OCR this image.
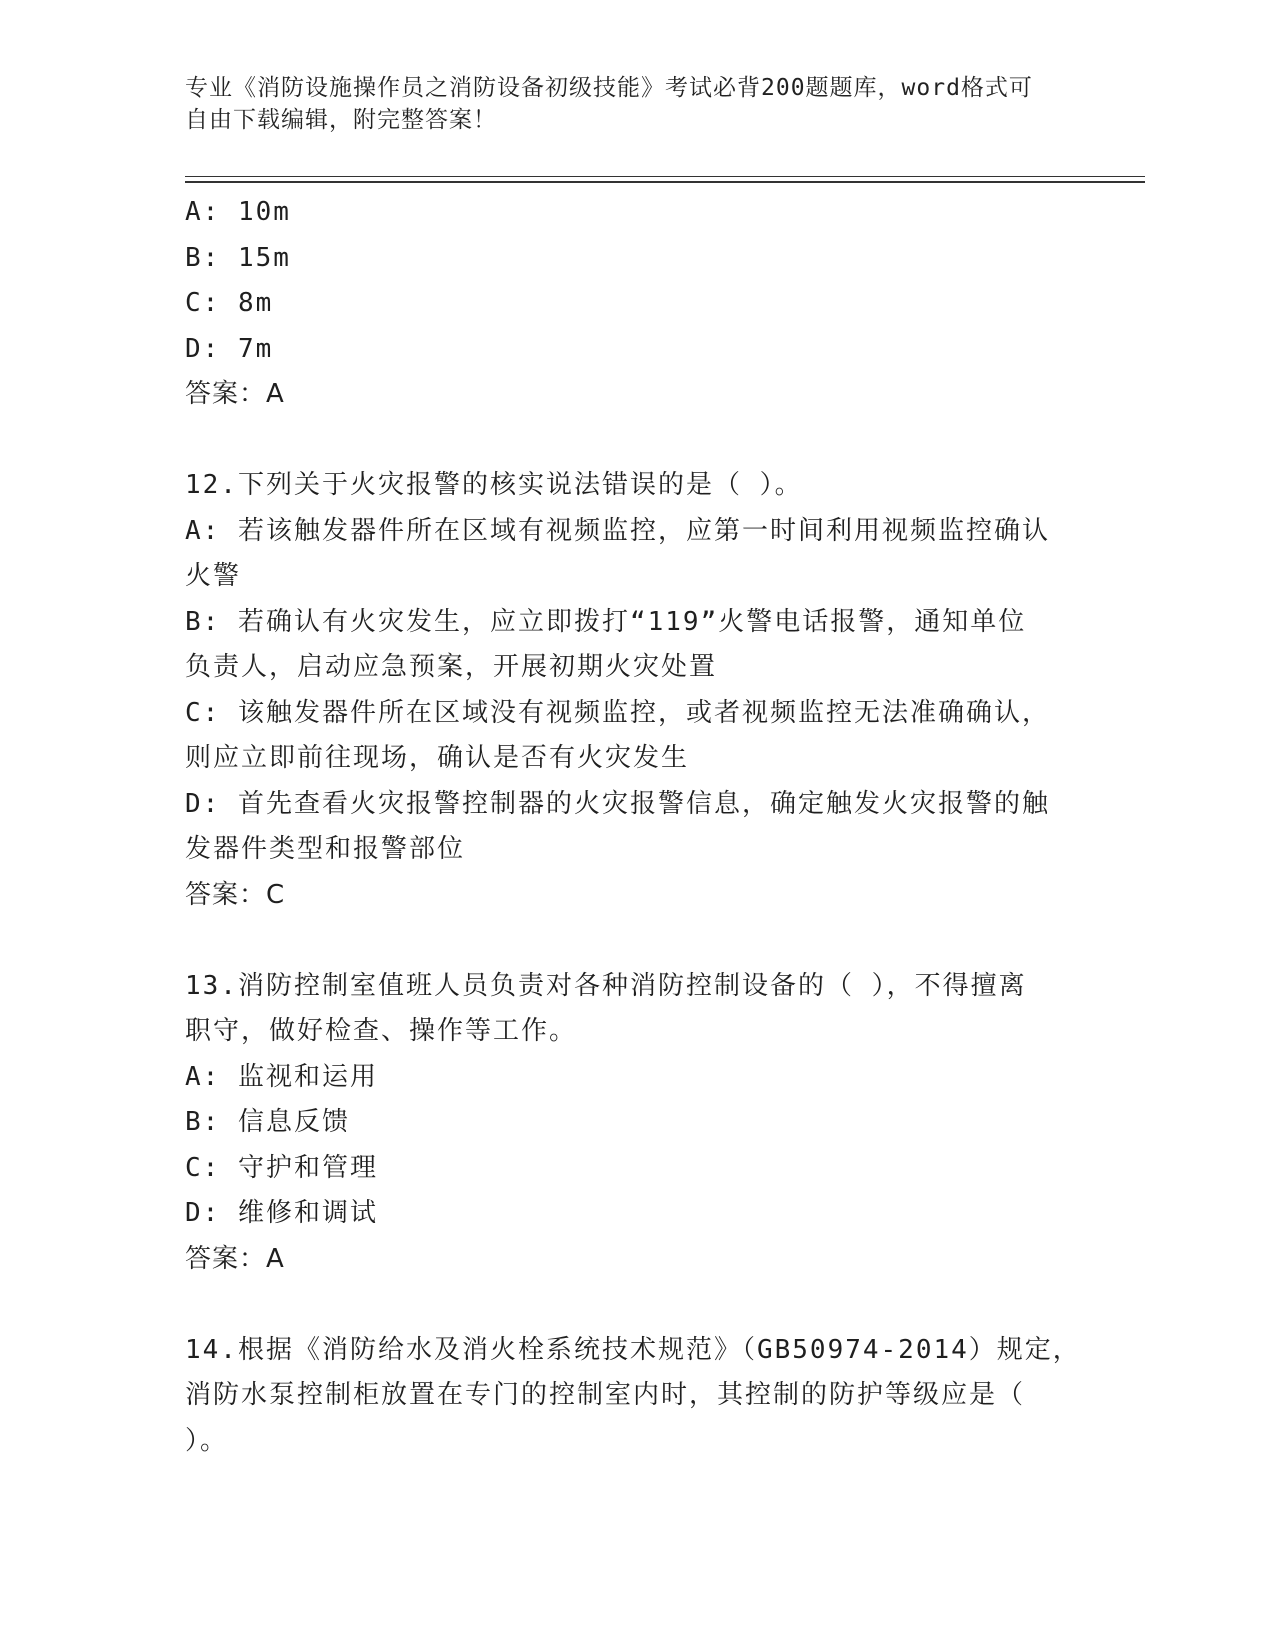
专业《消防设施操作员之消防设备初级技能》考试必背200题题库，word格式可
自由下载编辑，附完整答案！
A: 10m
B: 15m
C: 8m
D: 7m
答案：A
12.下列关于火灾报警的核实说法错误的是（ ）。
A: 若该触发器件所在区域有视频监控，应第一时间利用视频监控确认
火警
B: 若确认有火灾发生，应立即拨打“119”火警电话报警，通知单位
负责人，启动应急预案，开展初期火灾处置
C: 该触发器件所在区域没有视频监控，或者视频监控无法准确确认，
则应立即前往现场，确认是否有火灾发生
D: 首先查看火灾报警控制器的火灾报警信息，确定触发火灾报警的触
发器件类型和报警部位
答案：C
13.消防控制室值班人员负责对各种消防控制设备的（ ），不得擅离
职守，做好检查、操作等工作。
A: 监视和运用
B: 信息反馈
C: 守护和管理
D: 维修和调试
答案：A
14.根据《消防给水及消火栓系统技术规范》（GB50974-2014）规定，
消防水泵控制柜放置在专门的控制室内时，其控制的防护等级应是（
）。
